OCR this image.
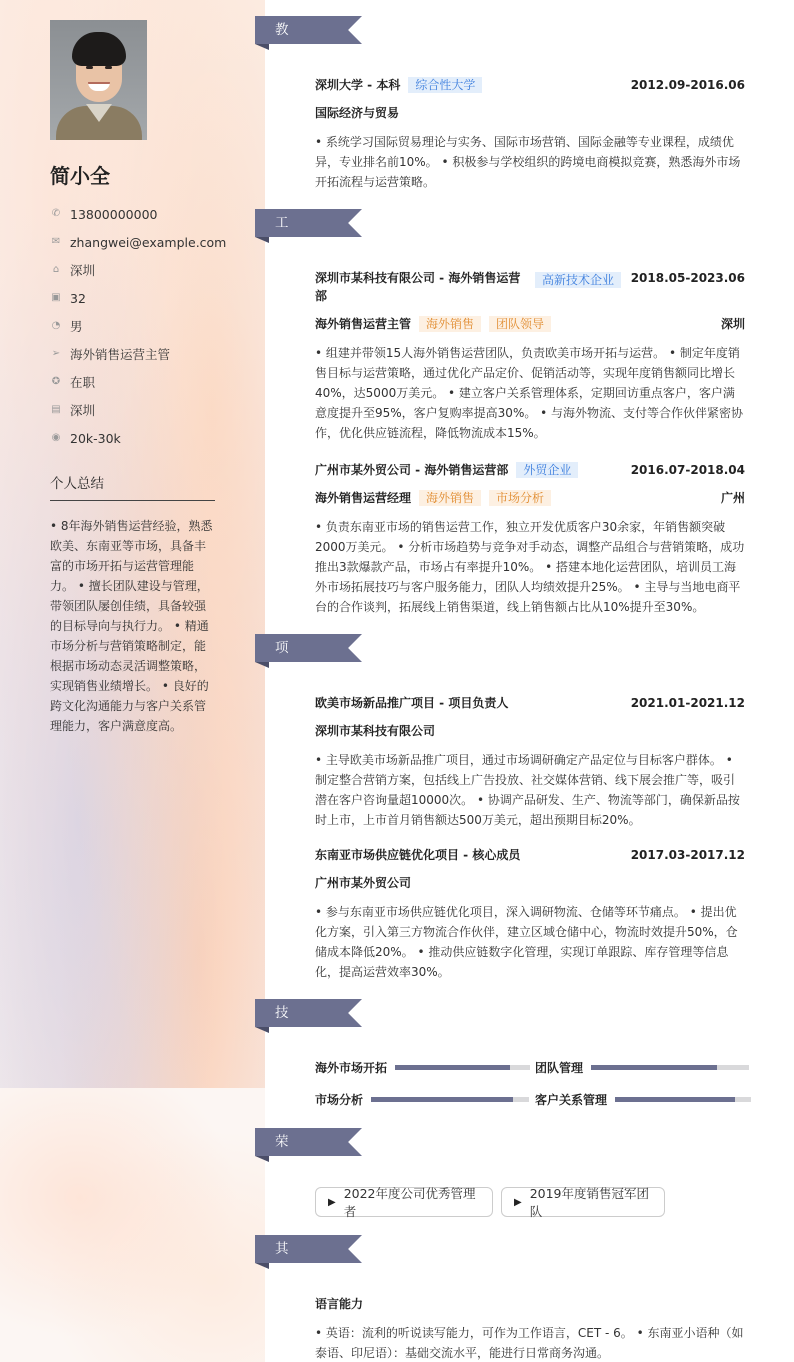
简小全
✆ 13800000000
✉ zhangwei@example.com
⌂ 深圳
▣ 32
◔ 男
➢ 海外销售运营主管
✪ 在职
▤ 深圳
◉ 20k-30k
个人总结
• 8年海外销售运营经验，熟悉欧美、东南亚等市场，具备丰富的市场开拓与运营管理能力。 • 擅长团队建设与管理，带领团队屡创佳绩，具备较强的目标导向与执行力。 • 精通市场分析与营销策略制定，能根据市场动态灵活调整策略，实现销售业绩增长。 • 良好的跨文化沟通能力与客户关系管理能力，客户满意度高。
教育经历
深圳大学 - 本科 综合性大学	2012.09-2016.06
国际经济与贸易
• 系统学习国际贸易理论与实务、国际市场营销、国际金融等专业课程，成绩优异，专业排名前10%。 • 积极参与学校组织的跨境电商模拟竞赛，熟悉海外市场开拓流程与运营策略。
工作经历
深圳市某科技有限公司 - 海外销售运营部
高新技术企业	2018.05-2023.06
海外销售运营主管 海外销售 团队领导	深圳
• 组建并带领15人海外销售运营团队，负责欧美市场开拓与运营。 • 制定年度销售目标与运营策略，通过优化产品定价、促销活动等，实现年度销售额同比增长40%，达5000万美元。 • 建立客户关系管理体系，定期回访重点客户，客户满意度提升至95%，客户复购率提高30%。 • 与海外物流、支付等合作伙伴紧密协作，优化供应链流程，降低物流成本15%。
广州市某外贸公司 - 海外销售运营部 外贸企业	2016.07-2018.04
海外销售运营经理 海外销售 市场分析	广州
• 负责东南亚市场的销售运营工作，独立开发优质客户30余家，年销售额突破2000万美元。 • 分析市场趋势与竞争对手动态，调整产品组合与营销策略，成功推出3款爆款产品，市场占有率提升10%。 • 搭建本地化运营团队，培训员工海外市场拓展技巧与客户服务能力，团队人均绩效提升25%。 • 主导与当地电商平台的合作谈判，拓展线上销售渠道，线上销售额占比从10%提升至30%。
项目经历
欧美市场新品推广项目 - 项目负责人	2021.01-2021.12
深圳市某科技有限公司
• 主导欧美市场新品推广项目，通过市场调研确定产品定位与目标客户群体。 • 制定整合营销方案，包括线上广告投放、社交媒体营销、线下展会推广等，吸引潜在客户咨询量超10000次。 • 协调产品研发、生产、物流等部门，确保新品按时上市，上市首月销售额达500万美元，超出预期目标20%。
东南亚市场供应链优化项目 - 核心成员	2017.03-2017.12
广州市某外贸公司
• 参与东南亚市场供应链优化项目，深入调研物流、仓储等环节痛点。 • 提出优化方案，引入第三方物流合作伙伴，建立区域仓储中心，物流时效提升50%，仓储成本降低20%。 • 推动供应链数字化管理，实现订单跟踪、库存管理等信息化，提高运营效率30%。
技能专长
海外市场开拓	团队管理
市场分析	客户关系管理
荣誉奖项
▶
2022年度公司优秀管理者
▶
2019年度销售冠军团队
其他信息
语言能力
• 英语：流利的听说读写能力，可作为工作语言，CET - 6。 • 东南亚小语种（如泰语、印尼语）：基础交流水平，能进行日常商务沟通。
